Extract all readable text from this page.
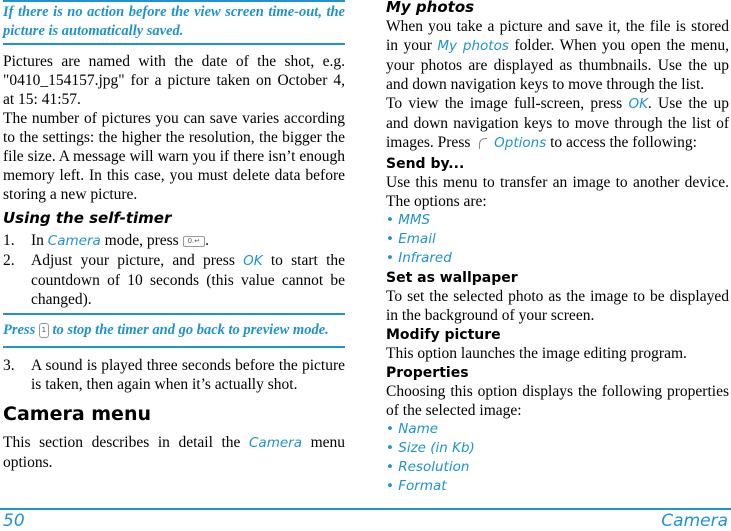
If there is no action before the view screen time-out, the picture is automatically saved.

Pictures are named with the date of the shot, e.g. "0410_154157.jpg" for a picture taken on October 4, at 15: 41:57.

The number of pictures you can save varies according to the settings: the higher the resolution, the bigger the file size. A message will warn you if there isn’t enough memory left. In this case, you must delete data before storing a new picture.

Using the self-timer
1. In Camera mode, press 0.↵ .
2. Adjust your picture, and press OK to start the countdown of 10 seconds (this value cannot be changed).
Press 1 to stop the timer and go back to preview mode.
3. A sound is played three seconds before the picture is taken, then again when it’s actually shot.
Camera menu

This section describes in detail the Camera menu options.

My photos

When you take a picture and save it, the file is stored in your My photos folder. When you open the menu, your photos are displayed as thumbnails. Use the up and down navigation keys to move through the list.

To view the image full-screen, press OK. Use the up and down navigation keys to move through the list of images. Press Options to access the following:

Send by...

Use this menu to transfer an image to another device. The options are:

• MMS
• Email
• Infrared
Set as wallpaper

To set the selected photo as the image to be displayed in the background of your screen.

Modify picture

This option launches the image editing program.

Properties

Choosing this option displays the following properties of the selected image:

• Name
• Size (in Kb)
• Resolution
• Format
50	Camera
